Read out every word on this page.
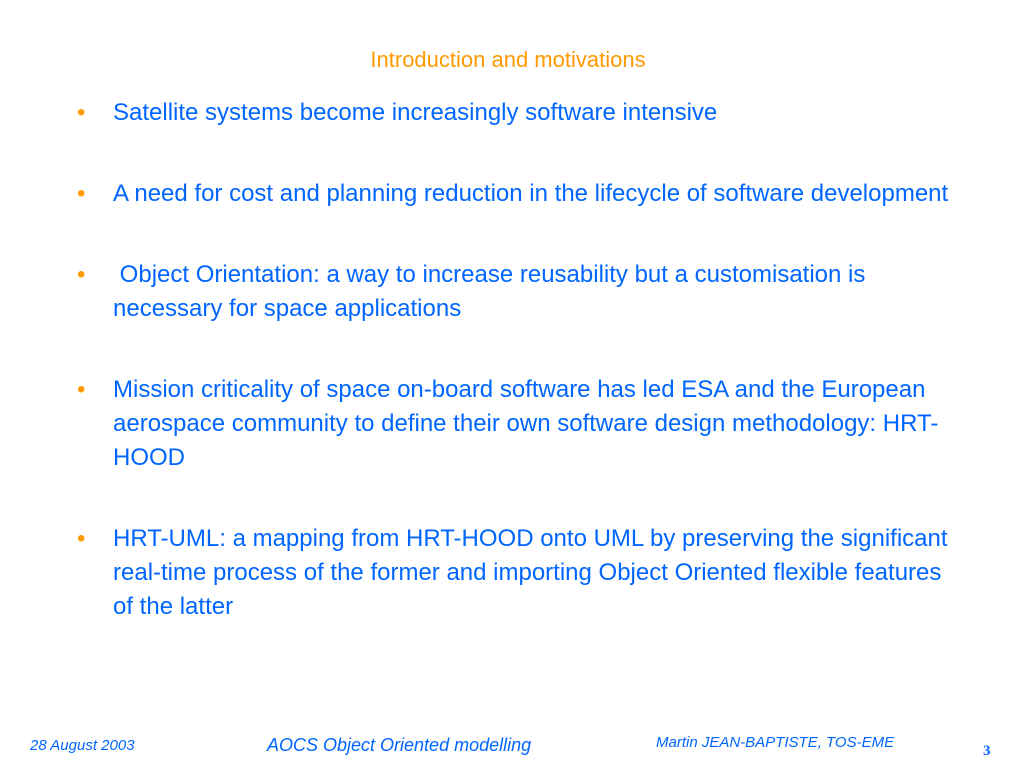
Introduction and motivations
• Satellite systems become increasingly software intensive
• A need for cost and planning reduction in the lifecycle of software development
• Object Orientation: a way to increase reusability but a customisation is necessary for space applications
• Mission criticality of space on-board software has led ESA and the European aerospace community to define their own software design methodology: HRT-HOOD
• HRT-UML: a mapping from HRT-HOOD onto UML by preserving the significant real-time process of the former and importing Object Oriented flexible features of the latter
28 August 2003	AOCS Object Oriented modelling	Martin JEAN-BAPTISTE, TOS-EME	3
